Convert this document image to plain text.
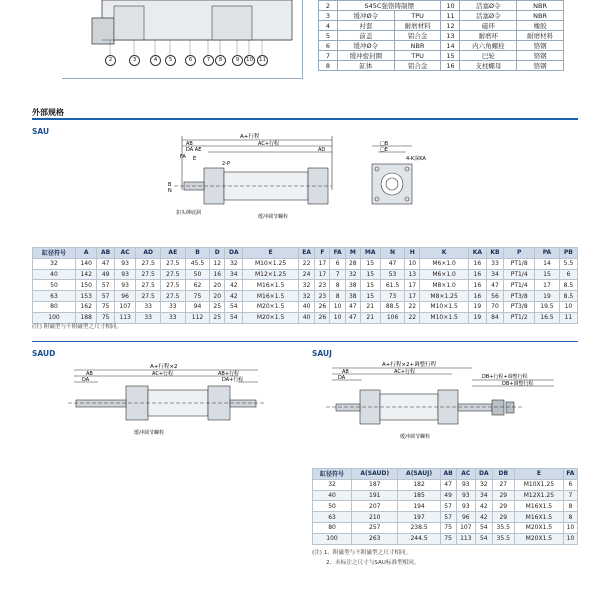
2	3	4	5	6	7	8	9	10	11
2	S45C强铬铸制镖		10	活塞Ø令	NBR
3	缓冲Ø令	TPU	11	活塞Ø令	NBR
4	衬套	耐磨材料	12	磁环	橡胶
5	前盖	铝合金	13	耐磨环	耐磨材料
6	缓冲Ø令	NBR	14	内六角螺栓	铬钢
7	缓冲密封圈	TPU	15	巴轮	铬钢
8	缸体	铝合金	16	支柱螺母	铬钢
外部规格
SAU
A+行程
AB	AC+行程
DA AE	AD
E
FA
2-P
N
B
扣头缚底洞
缓冲调节螺栓
□B
□E
4-K深KA
缸径符号	A	AB	AC	AD	AE	B	D	DA	E	EA	F	FA	M	MA	N	H	K	KA	KB	P	PA	PB
32	140	47	93	27.5	27.5	45.5	12	32	M10×1.25	22	17	6	28	15	47	10	M6×1.0	16	33	PT1/8	14	5.5
40	142	49	93	27.5	27.5	50	16	34	M12×1.25	24	17	7	32	15	53	13	M6×1.0	16	34	PT1/4	15	6
50	150	57	93	27.5	27.5	62	20	42	M16×1.5	32	23	8	38	15	61.5	17	M8×1.0	16	47	PT1/4	17	8.5
63	153	57	96	27.5	27.5	75	20	42	M16×1.5	32	23	8	38	15	73	17	M8×1.25	16	56	PT3/8	19	8.5
80	162	75	107	33	33	94	25	54	M20×1.5	40	26	10	47	21	88.5	22	M10×1.5	19	70	PT3/8	19.5	10
100	188	75	113	33	33	112	25	54	M20×1.5	40	26	10	47	21	106	22	M10×1.5	19	84	PT1/2	16.5	11
(注) 附磁型与不附磁型之尺寸相同。
SAUD
A+行程×2
AB	AC+行程	AB+行程
DA	DA+行程
缓冲调节螺栓
SAUJ
A+行程×2+调整行程
AB	AC+行程
DA	DB+行程+调整行程
DB+调整行程
缓冲调节螺栓
缸径符号	A(SAUD)	A(SAUJ)	AB	AC	DA	DB	E	FA
32	187	182	47	93	32	27	M10X1.25	6
40	191	185	49	93	34	29	M12X1.25	7
50	207	194	57	93	42	29	M16X1.5	8
63	210	197	57	96	42	29	M16X1.5	8
80	257	238.5	75	107	54	35.5	M20X1.5	10
100	263	244.5	75	113	54	35.5	M20X1.5	10
(注) 1、附磁型与不附磁型之尺寸相同。
2、未标注之尺寸与SAU标准型相同。
